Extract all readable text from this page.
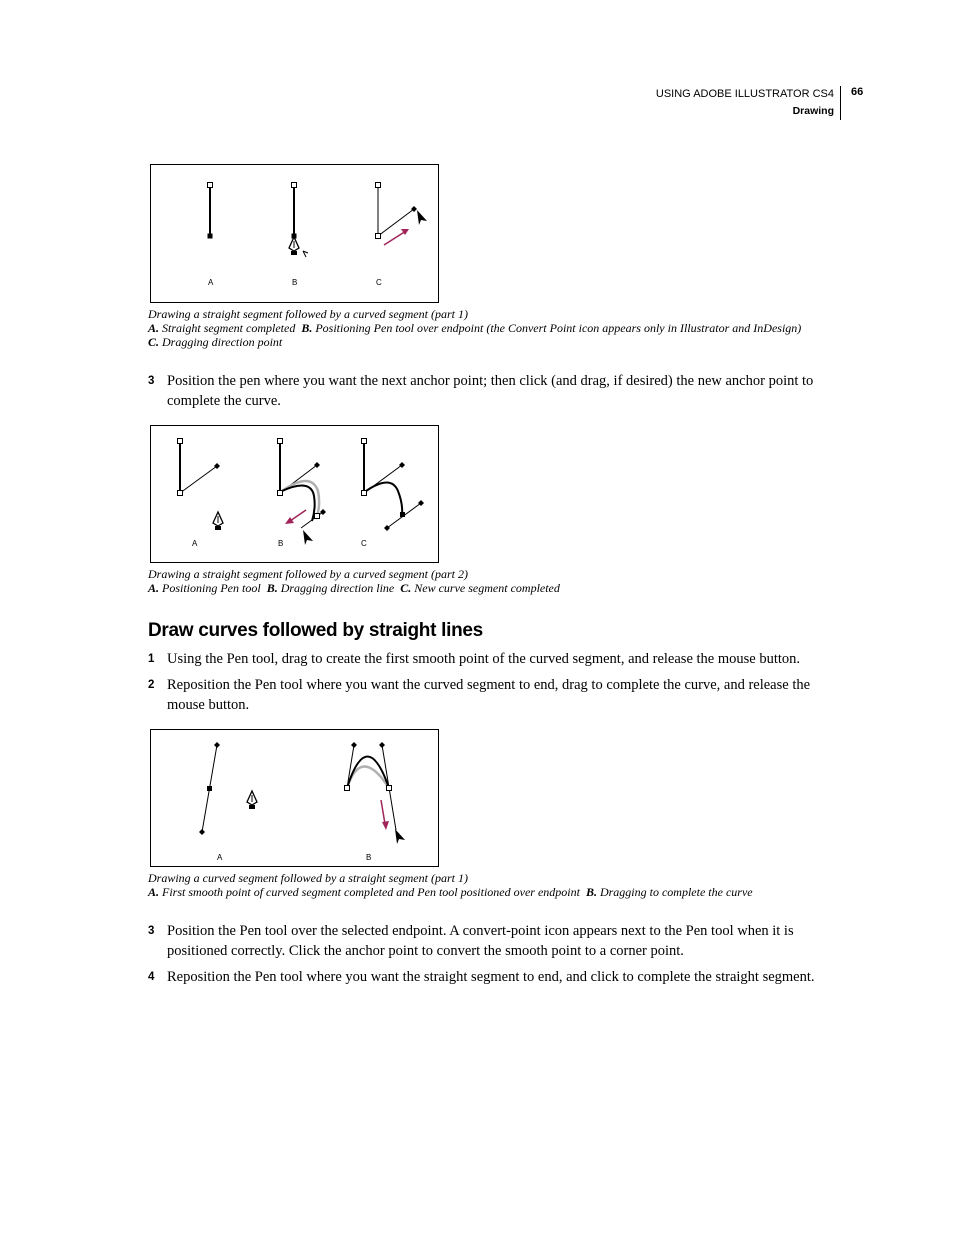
USING ADOBE ILLUSTRATOR CS4
Drawing
66
A	B	C
Drawing a straight segment followed by a curved segment (part 1)
A. Straight segment completed B. Positioning Pen tool over endpoint (the Convert Point icon appears only in Illustrator and InDesign)
C. Dragging direction point
3 Position the pen where you want the next anchor point; then click (and drag, if desired) the new anchor point to complete the curve.
A	B	C
Drawing a straight segment followed by a curved segment (part 2)
A. Positioning Pen tool B. Dragging direction line C. New curve segment completed
Draw curves followed by straight lines
1 Using the Pen tool, drag to create the first smooth point of the curved segment, and release the mouse button.
2 Reposition the Pen tool where you want the curved segment to end, drag to complete the curve, and release the mouse button.
A	B
Drawing a curved segment followed by a straight segment (part 1)
A. First smooth point of curved segment completed and Pen tool positioned over endpoint B. Dragging to complete the curve
3 Position the Pen tool over the selected endpoint. A convert-point icon appears next to the Pen tool when it is positioned correctly. Click the anchor point to convert the smooth point to a corner point.
4 Reposition the Pen tool where you want the straight segment to end, and click to complete the straight segment.
